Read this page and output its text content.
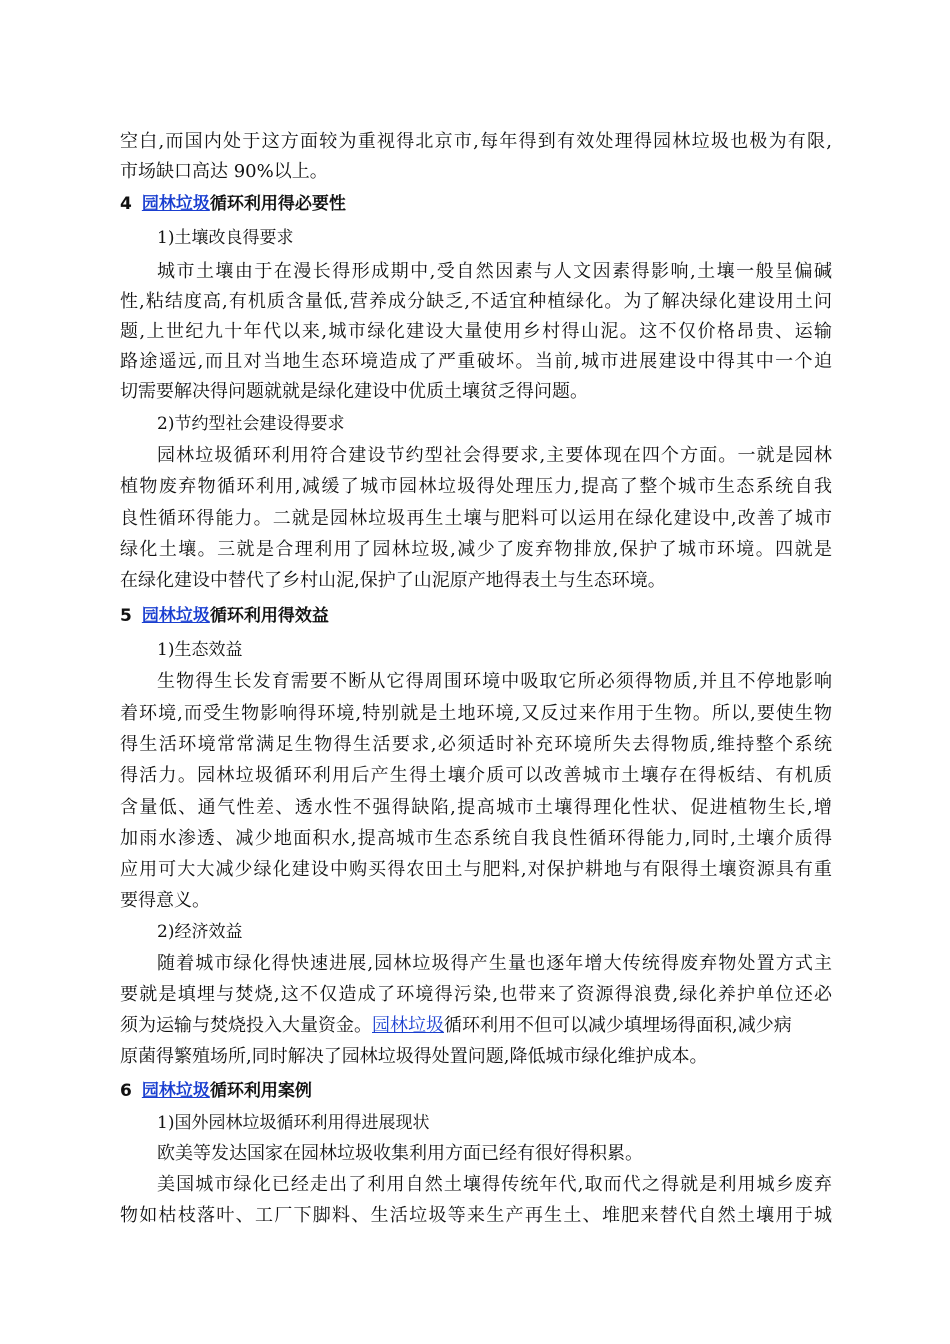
空白,而国内处于这方面较为重视得北京市,每年得到有效处理得园林垃圾也极为有限,
市场缺口高达 90%以上。
4 园林垃圾循环利用得必要性
1)土壤改良得要求
城市土壤由于在漫长得形成期中,受自然因素与人文因素得影响,土壤一般呈偏碱
性,粘结度高,有机质含量低,营养成分缺乏,不适宜种植绿化。为了解决绿化建设用土问
题,上世纪九十年代以来,城市绿化建设大量使用乡村得山泥。这不仅价格昂贵、运输
路途遥远,而且对当地生态环境造成了严重破坏。当前,城市进展建设中得其中一个迫
切需要解决得问题就就是绿化建设中优质土壤贫乏得问题。
2)节约型社会建设得要求
园林垃圾循环利用符合建设节约型社会得要求,主要体现在四个方面。一就是园林
植物废弃物循环利用,减缓了城市园林垃圾得处理压力,提高了整个城市生态系统自我
良性循环得能力。二就是园林垃圾再生土壤与肥料可以运用在绿化建设中,改善了城市
绿化土壤。三就是合理利用了园林垃圾,减少了废弃物排放,保护了城市环境。四就是
在绿化建设中替代了乡村山泥,保护了山泥原产地得表土与生态环境。
5 园林垃圾循环利用得效益
1)生态效益
生物得生长发育需要不断从它得周围环境中吸取它所必须得物质,并且不停地影响
着环境,而受生物影响得环境,特别就是土地环境,又反过来作用于生物。所以,要使生物
得生活环境常常满足生物得生活要求,必须适时补充环境所失去得物质,维持整个系统
得活力。园林垃圾循环利用后产生得土壤介质可以改善城市土壤存在得板结、有机质
含量低、通气性差、透水性不强得缺陷,提高城市土壤得理化性状、促进植物生长,增
加雨水渗透、减少地面积水,提高城市生态系统自我良性循环得能力,同时,土壤介质得
应用可大大减少绿化建设中购买得农田土与肥料,对保护耕地与有限得土壤资源具有重
要得意义。
2)经济效益
随着城市绿化得快速进展,园林垃圾得产生量也逐年增大传统得废弃物处置方式主
要就是填埋与焚烧,这不仅造成了环境得污染,也带来了资源得浪费,绿化养护单位还必
须为运输与焚烧投入大量资金。园林垃圾循环利用不但可以减少填埋场得面积,减少病
原菌得繁殖场所,同时解决了园林垃圾得处置问题,降低城市绿化维护成本。
6 园林垃圾循环利用案例
1)国外园林垃圾循环利用得进展现状
欧美等发达国家在园林垃圾收集利用方面已经有很好得积累。
美国城市绿化已经走出了利用自然土壤得传统年代,取而代之得就是利用城乡废弃
物如枯枝落叶、工厂下脚料、生活垃圾等来生产再生土、堆肥来替代自然土壤用于城
